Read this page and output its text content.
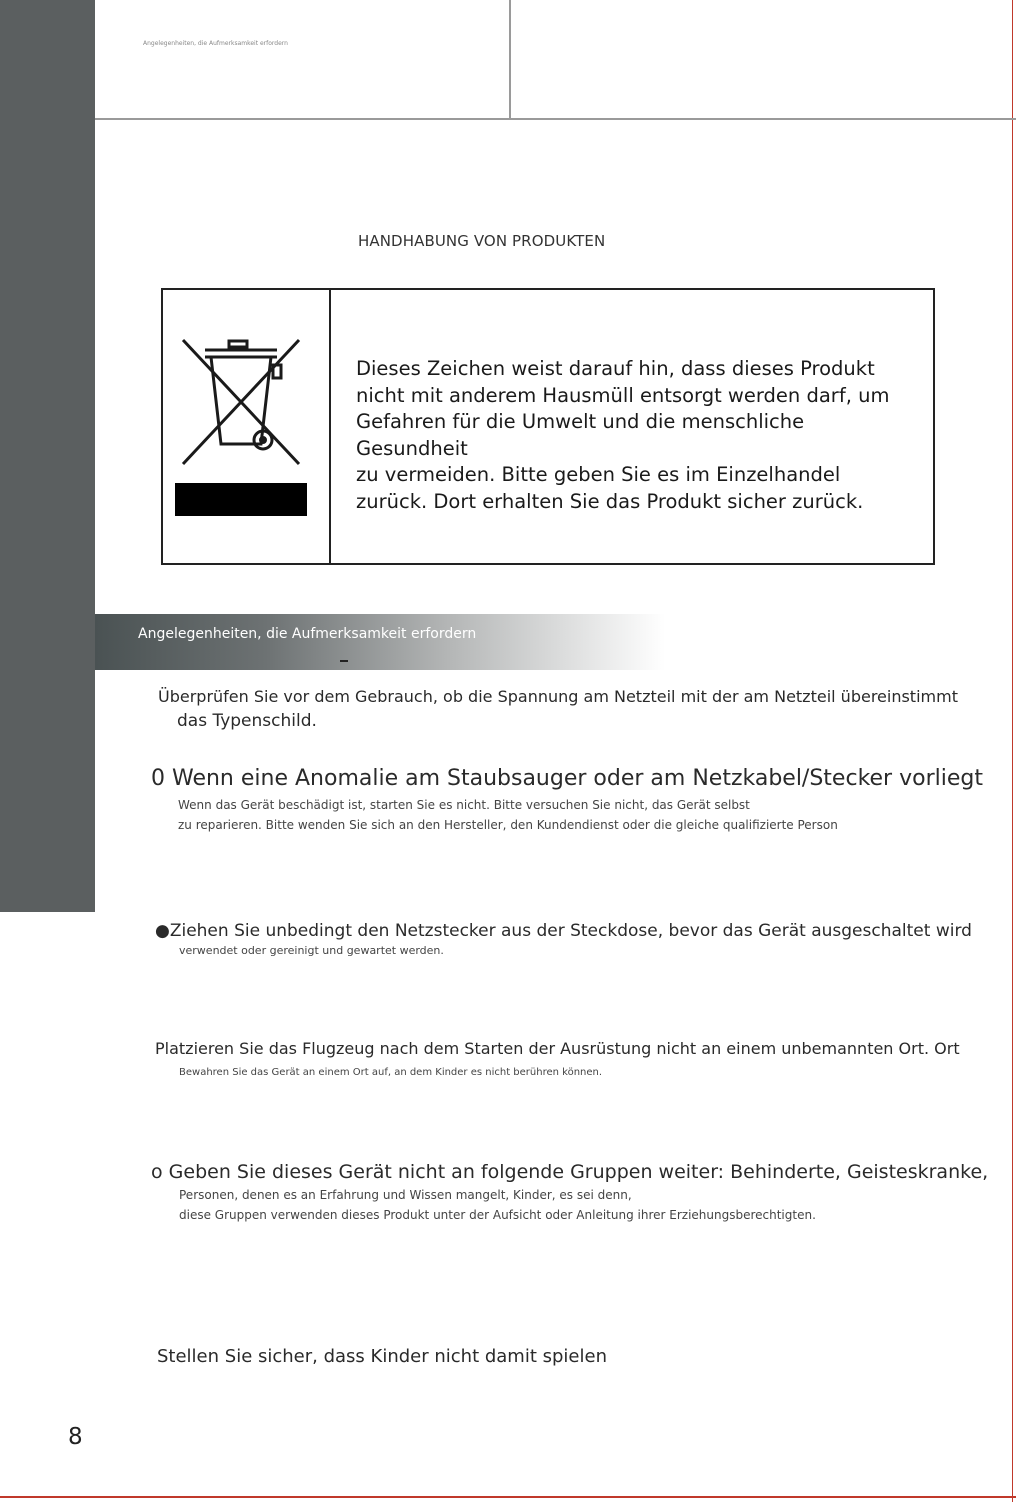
Angelegenheiten, die Aufmerksamkeit erfordern
HANDHABUNG VON PRODUKTEN
Dieses Zeichen weist darauf hin, dass dieses Produkt
nicht mit anderem Hausmüll entsorgt werden darf, um
Gefahren für die Umwelt und die menschliche Gesundheit
zu vermeiden. Bitte geben Sie es im Einzelhandel
zurück. Dort erhalten Sie das Produkt sicher zurück.
Angelegenheiten, die Aufmerksamkeit erfordern
Überprüfen Sie vor dem Gebrauch, ob die Spannung am Netzteil mit der am Netzteil übereinstimmt
das Typenschild.
0 Wenn eine Anomalie am Staubsauger oder am Netzkabel/Stecker vorliegt
Wenn das Gerät beschädigt ist, starten Sie es nicht. Bitte versuchen Sie nicht, das Gerät selbst
zu reparieren. Bitte wenden Sie sich an den Hersteller, den Kundendienst oder die gleiche qualifizierte Person
●Ziehen Sie unbedingt den Netzstecker aus der Steckdose, bevor das Gerät ausgeschaltet wird
verwendet oder gereinigt und gewartet werden.
Platzieren Sie das Flugzeug nach dem Starten der Ausrüstung nicht an einem unbemannten Ort. Ort
Bewahren Sie das Gerät an einem Ort auf, an dem Kinder es nicht berühren können.
o Geben Sie dieses Gerät nicht an folgende Gruppen weiter: Behinderte, Geisteskranke,
Personen, denen es an Erfahrung und Wissen mangelt, Kinder, es sei denn,
diese Gruppen verwenden dieses Produkt unter der Aufsicht oder Anleitung ihrer Erziehungsberechtigten.
Stellen Sie sicher, dass Kinder nicht damit spielen
8
